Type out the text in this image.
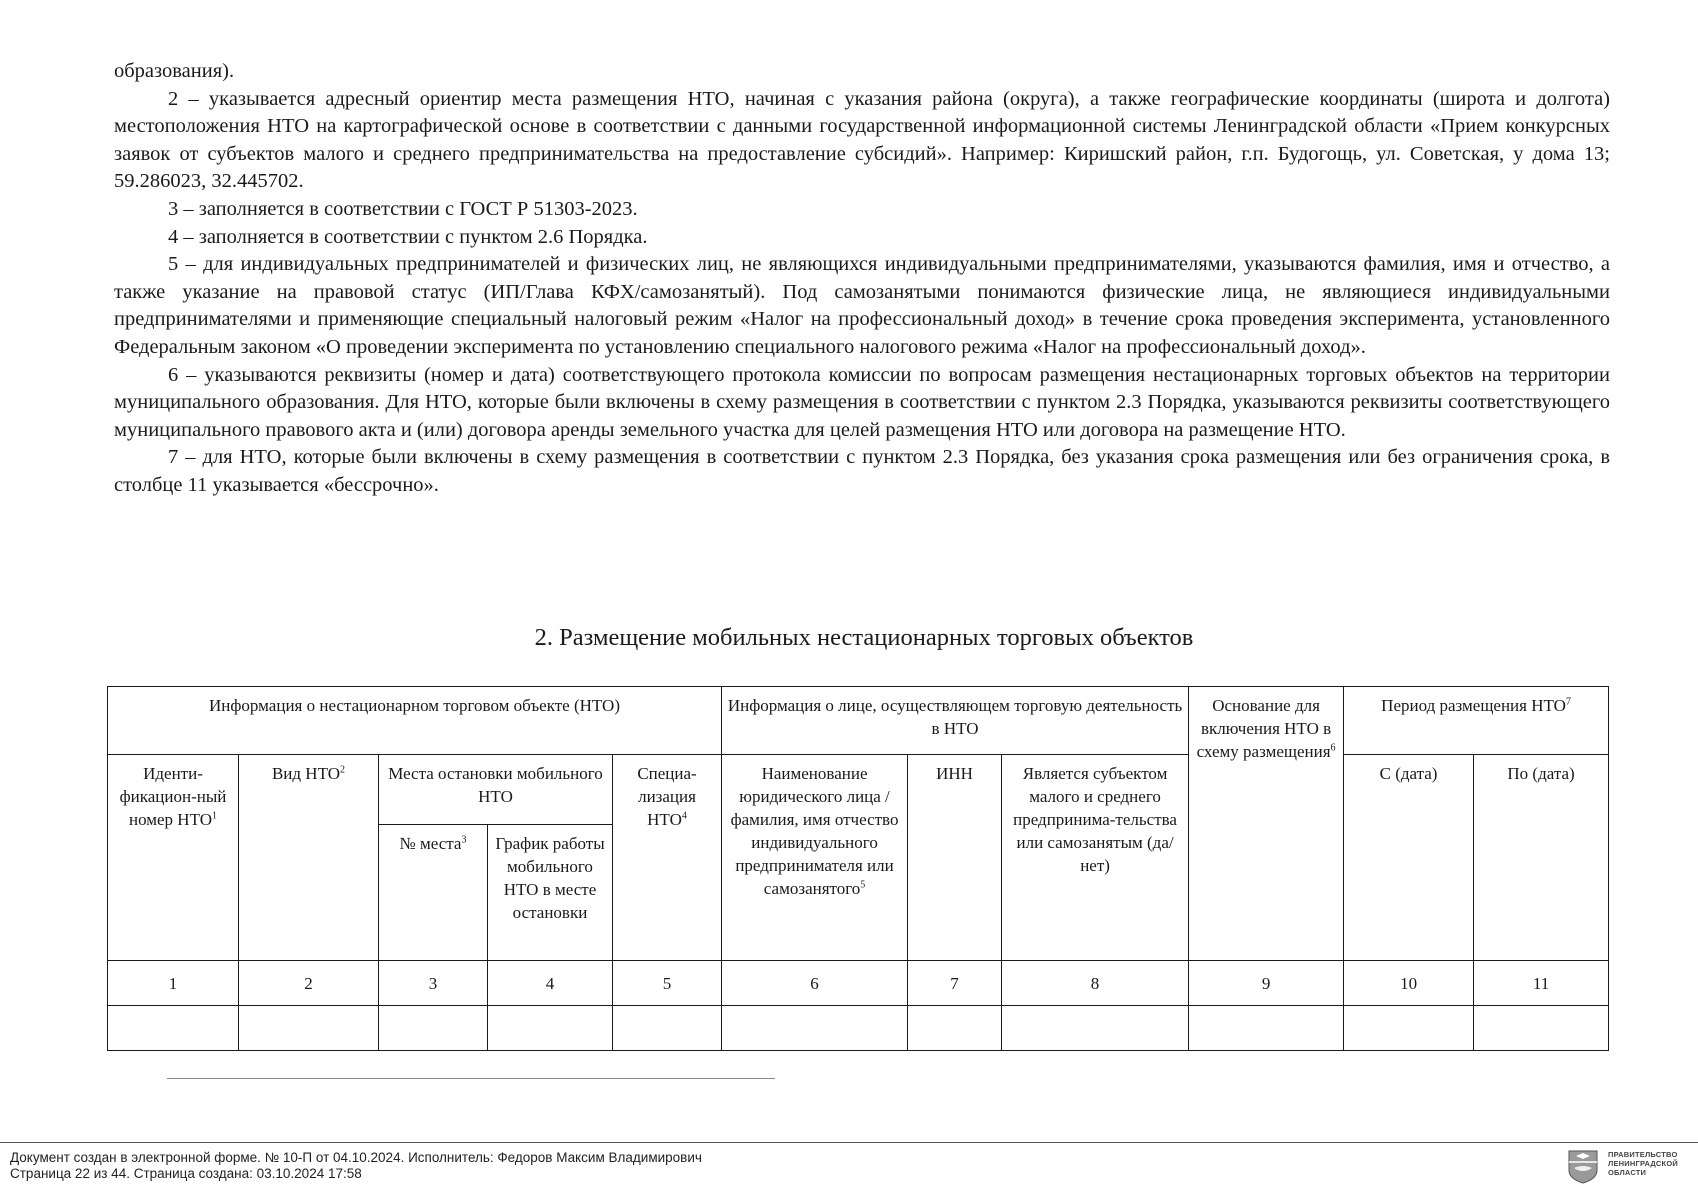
образования).

2 – указывается адресный ориентир места размещения НТО, начиная с указания района (округа), а также географические координаты (широта и долгота) местоположения НТО на картографической основе в соответствии с данными государственной информационной системы Ленинградской области «Прием конкурсных заявок от субъектов малого и среднего предпринимательства на предоставление субсидий». Например: Киришский район, г.п. Будогощь, ул. Советская, у дома 13; 59.286023, 32.445702.

3 – заполняется в соответствии с ГОСТ Р 51303-2023.

4 – заполняется в соответствии с пунктом 2.6 Порядка.

5 – для индивидуальных предпринимателей и физических лиц, не являющихся индивидуальными предпринимателями, указываются фамилия, имя и отчество, а также указание на правовой статус (ИП/Глава КФХ/самозанятый). Под самозанятыми понимаются физические лица, не являющиеся индивидуальными предпринимателями и применяющие специальный налоговый режим «Налог на профессиональный доход» в течение срока проведения эксперимента, установленного Федеральным законом «О проведении эксперимента по установлению специального налогового режима «Налог на профессиональный доход».

6 – указываются реквизиты (номер и дата) соответствующего протокола комиссии по вопросам размещения нестационарных торговых объектов на территории муниципального образования. Для НТО, которые были включены в схему размещения в соответствии с пунктом 2.3 Порядка, указываются реквизиты соответствующего муниципального правового акта и (или) договора аренды земельного участка для целей размещения НТО или договора на размещение НТО.

7 – для НТО, которые были включены в схему размещения в соответствии с пунктом 2.3 Порядка, без указания срока размещения или без ограничения срока, в столбце 11 указывается «бессрочно».

2. Размещение мобильных нестационарных торговых объектов
Информация о нестационарном торговом объекте (НТО)					Информация о лице, осуществляющем торговую деятельность в НТО			Основание для включения НТО в схему размещения$^6$	Период размещения НТО$^7$
Иденти-фикацион-ный номер НТО$^1$	Вид НТО$^2$	Места остановки мобильного НТО		Специа-лизация НТО$^4$	Наименование юридического лица / фамилия, имя отчество индивидуального предпринимателя или самозанятого$^5$	ИНН	Является субъектом малого и среднего предпринима-тельства или самозанятым (да/нет)		С (дата)	По (дата)
		№ места$^3$	График работы мобильного НТО в месте остановки							
1	2	3	4	5	6	7	8	9	10	11

Документ создан в электронной форме. № 10-П от 04.10.2024. Исполнитель: Федоров Максим Владимирович
Страница 22 из 44. Страница создана: 03.10.2024 17:58
ПРАВИТЕЛЬСТВО
ЛЕНИНГРАДСКОЙ
ОБЛАСТИ
